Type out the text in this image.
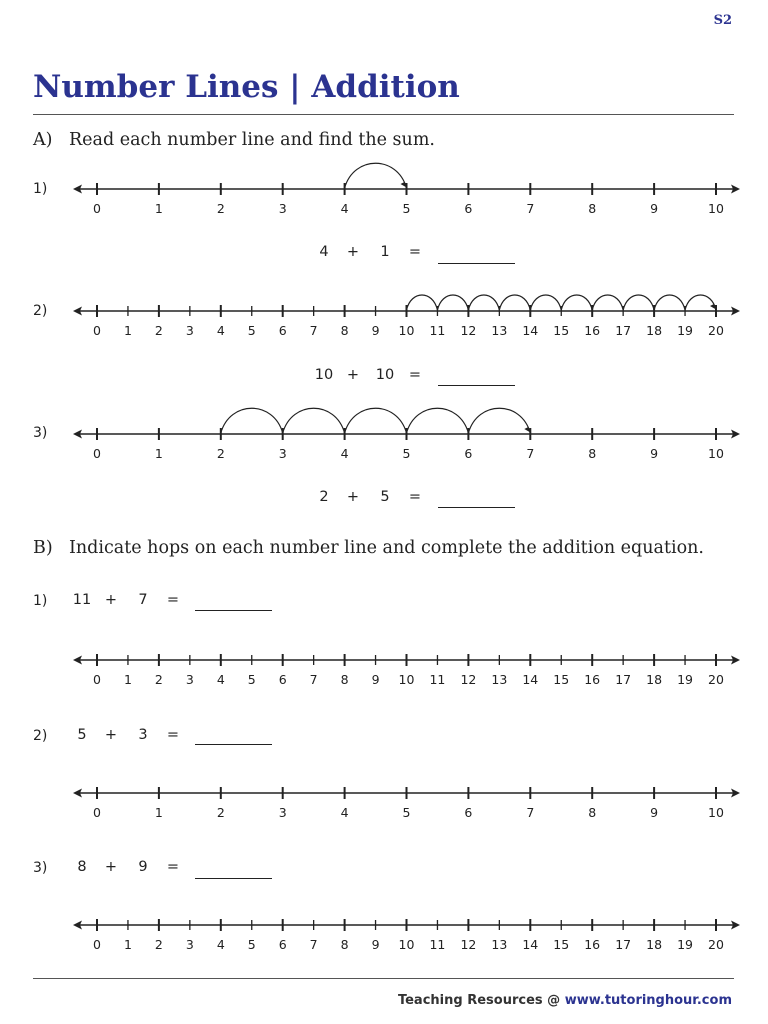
S2
Number Lines | Addition
A) Read each number line and find the sum.
1)
0	1	2	3	4	5	6	7	8	9	10
4	+	1	=
2)
0 1 2 3 4 5 6 7 8 9 10 11 12 13 14 15 16 17 18 19 20
10 + 10 =
3)
0	1	2	3	4	5	6	7	8	9	10
2	+	5	=
B) Indicate hops on each number line and complete the addition equation.
1) 11 +	7	=
0 1 2 3 4 5 6 7 8 9 10 11 12 13 14 15 16 17 18 19 20
2)	5	+	3	=
0	1	2	3	4	5	6	7	8	9	10
3)	8	+	9	=
0 1 2 3 4 5 6 7 8 9 10 11 12 13 14 15 16 17 18 19 20
Teaching Resources @ www.tutoringhour.com
